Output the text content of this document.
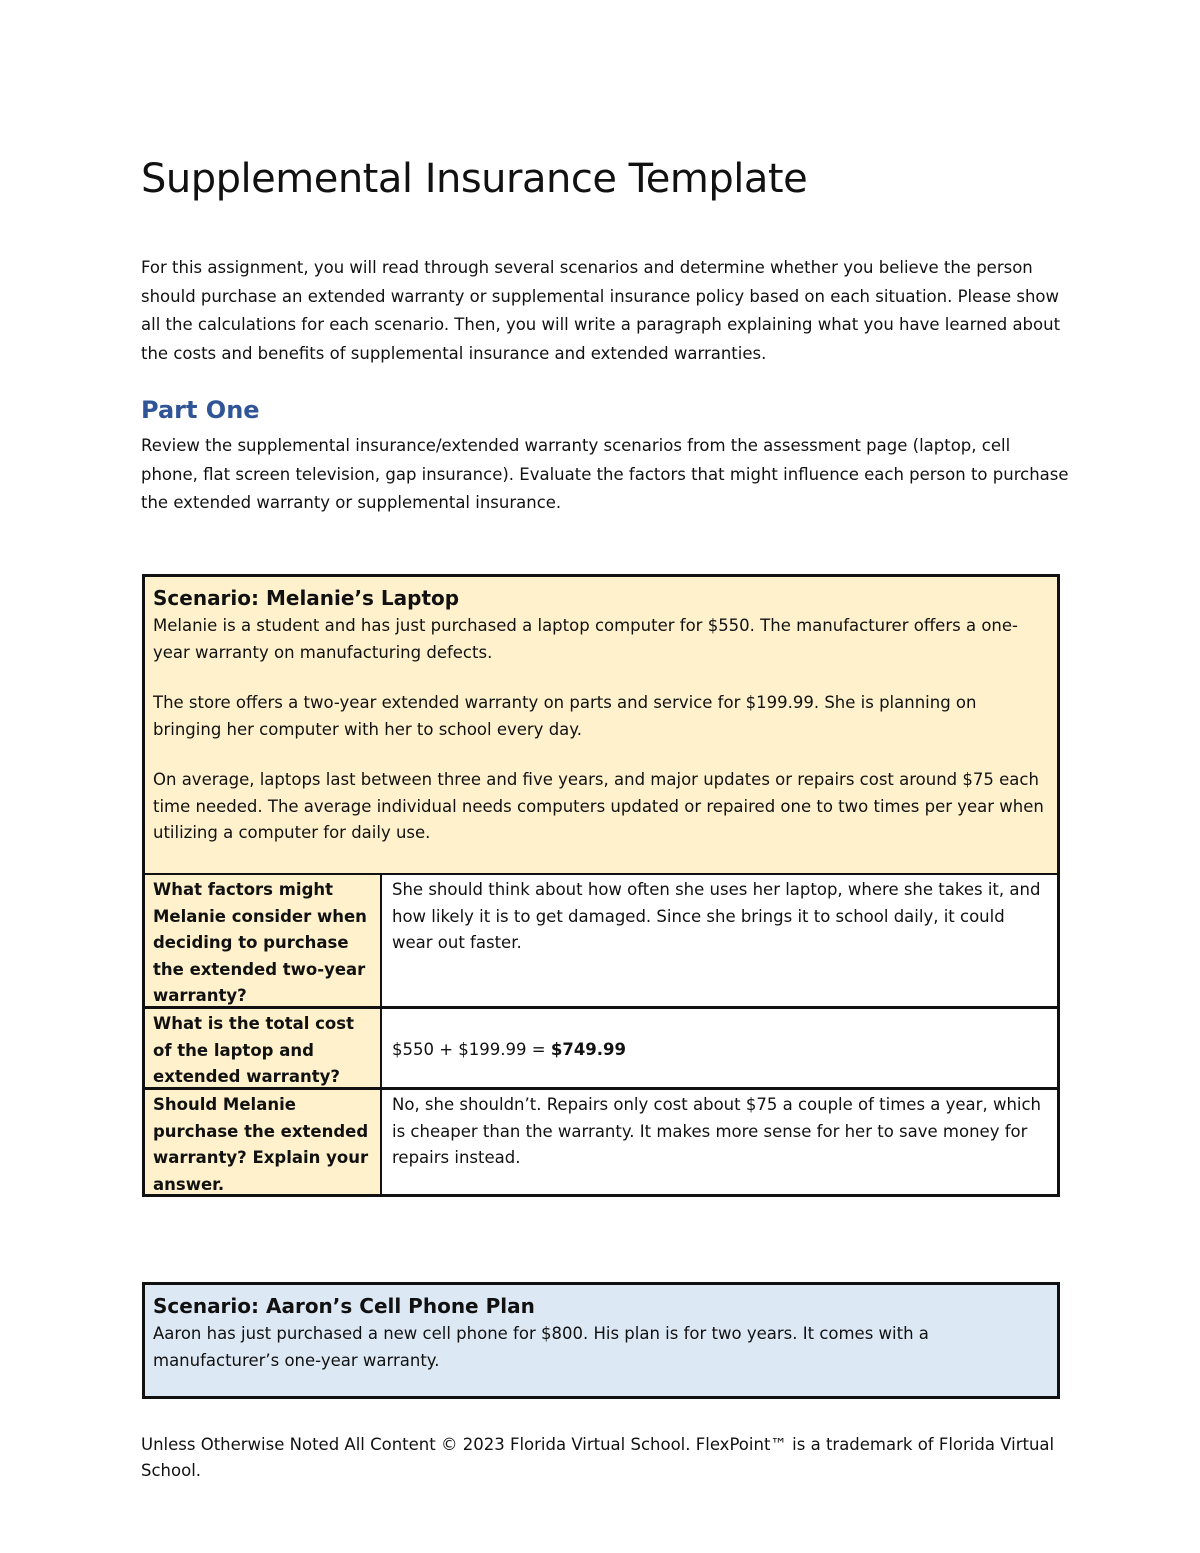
Supplemental Insurance Template

For this assignment, you will read through several scenarios and determine whether you believe the person should purchase an extended warranty or supplemental insurance policy based on each situation. Please show all the calculations for each scenario. Then, you will write a paragraph explaining what you have learned about the costs and benefits of supplemental insurance and extended warranties.

Part One

Review the supplemental insurance/extended warranty scenarios from the assessment page (laptop, cell phone, flat screen television, gap insurance). Evaluate the factors that might influence each person to purchase the extended warranty or supplemental insurance.

Scenario: Melanie’s Laptop

Melanie is a student and has just purchased a laptop computer for $550. The manufacturer offers a one-year warranty on manufacturing defects.

The store offers a two-year extended warranty on parts and service for $199.99. She is planning on bringing her computer with her to school every day.

On average, laptops last between three and five years, and major updates or repairs cost around $75 each time needed. The average individual needs computers updated or repaired one to two times per year when utilizing a computer for daily use.

What factors might Melanie consider when deciding to purchase the extended two-year warranty?
She should think about how often she uses her laptop, where she takes it, and how likely it is to get damaged. Since she brings it to school daily, it could wear out faster.
What is the total cost of the laptop and extended warranty?
$550 + $199.99 = $749.99
Should Melanie purchase the extended warranty? Explain your answer.
No, she shouldn’t. Repairs only cost about $75 a couple of times a year, which is cheaper than the warranty. It makes more sense for her to save money for repairs instead.

Scenario: Aaron’s Cell Phone Plan

Aaron has just purchased a new cell phone for $800. His plan is for two years. It comes with a manufacturer’s one-year warranty.

Unless Otherwise Noted All Content © 2023 Florida Virtual School. FlexPoint™ is a trademark of Florida Virtual School.
